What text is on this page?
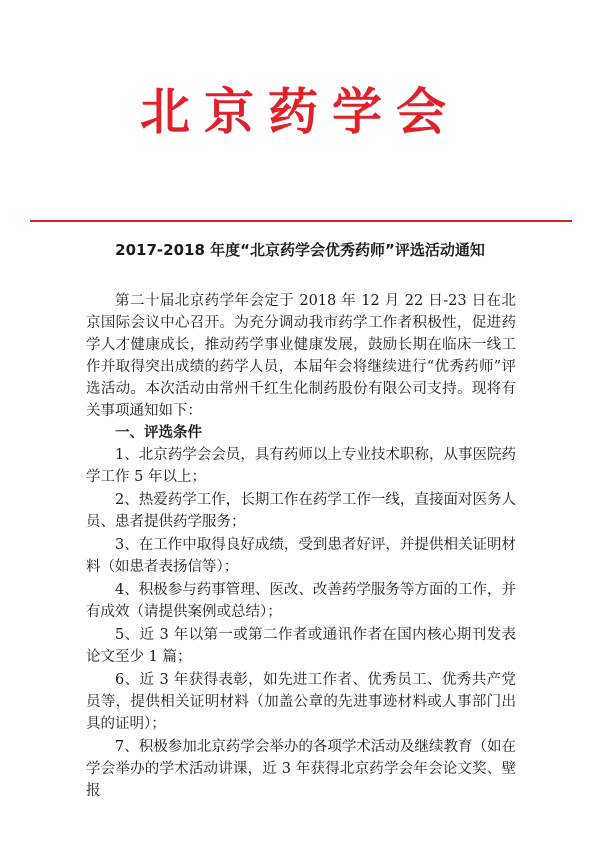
北京药学会
2017-2018 年度“北京药学会优秀药师”评选活动通知

第二十届北京药学年会定于 2018 年 12 月 22 日-23 日在北京国际会议中心召开。为充分调动我市药学工作者积极性，促进药学人才健康成长，推动药学事业健康发展，鼓励长期在临床一线工作并取得突出成绩的药学人员，本届年会将继续进行“优秀药师”评选活动。本次活动由常州千红生化制药股份有限公司支持。现将有关事项通知如下：

一、评选条件

1、北京药学会会员，具有药师以上专业技术职称，从事医院药学工作 5 年以上；

2、热爱药学工作，长期工作在药学工作一线，直接面对医务人员、患者提供药学服务；

3、在工作中取得良好成绩，受到患者好评，并提供相关证明材料（如患者表扬信等）；

4、积极参与药事管理、医改、改善药学服务等方面的工作，并有成效（请提供案例或总结）；

5、近 3 年以第一或第二作者或通讯作者在国内核心期刊发表论文至少 1 篇；

6、近 3 年获得表彰，如先进工作者、优秀员工、优秀共产党员等，提供相关证明材料（加盖公章的先进事迹材料或人事部门出具的证明）；

7、积极参加北京药学会举办的各项学术活动及继续教育（如在学会举办的学术活动讲课，近 3 年获得北京药学会年会论文奖、壁报
